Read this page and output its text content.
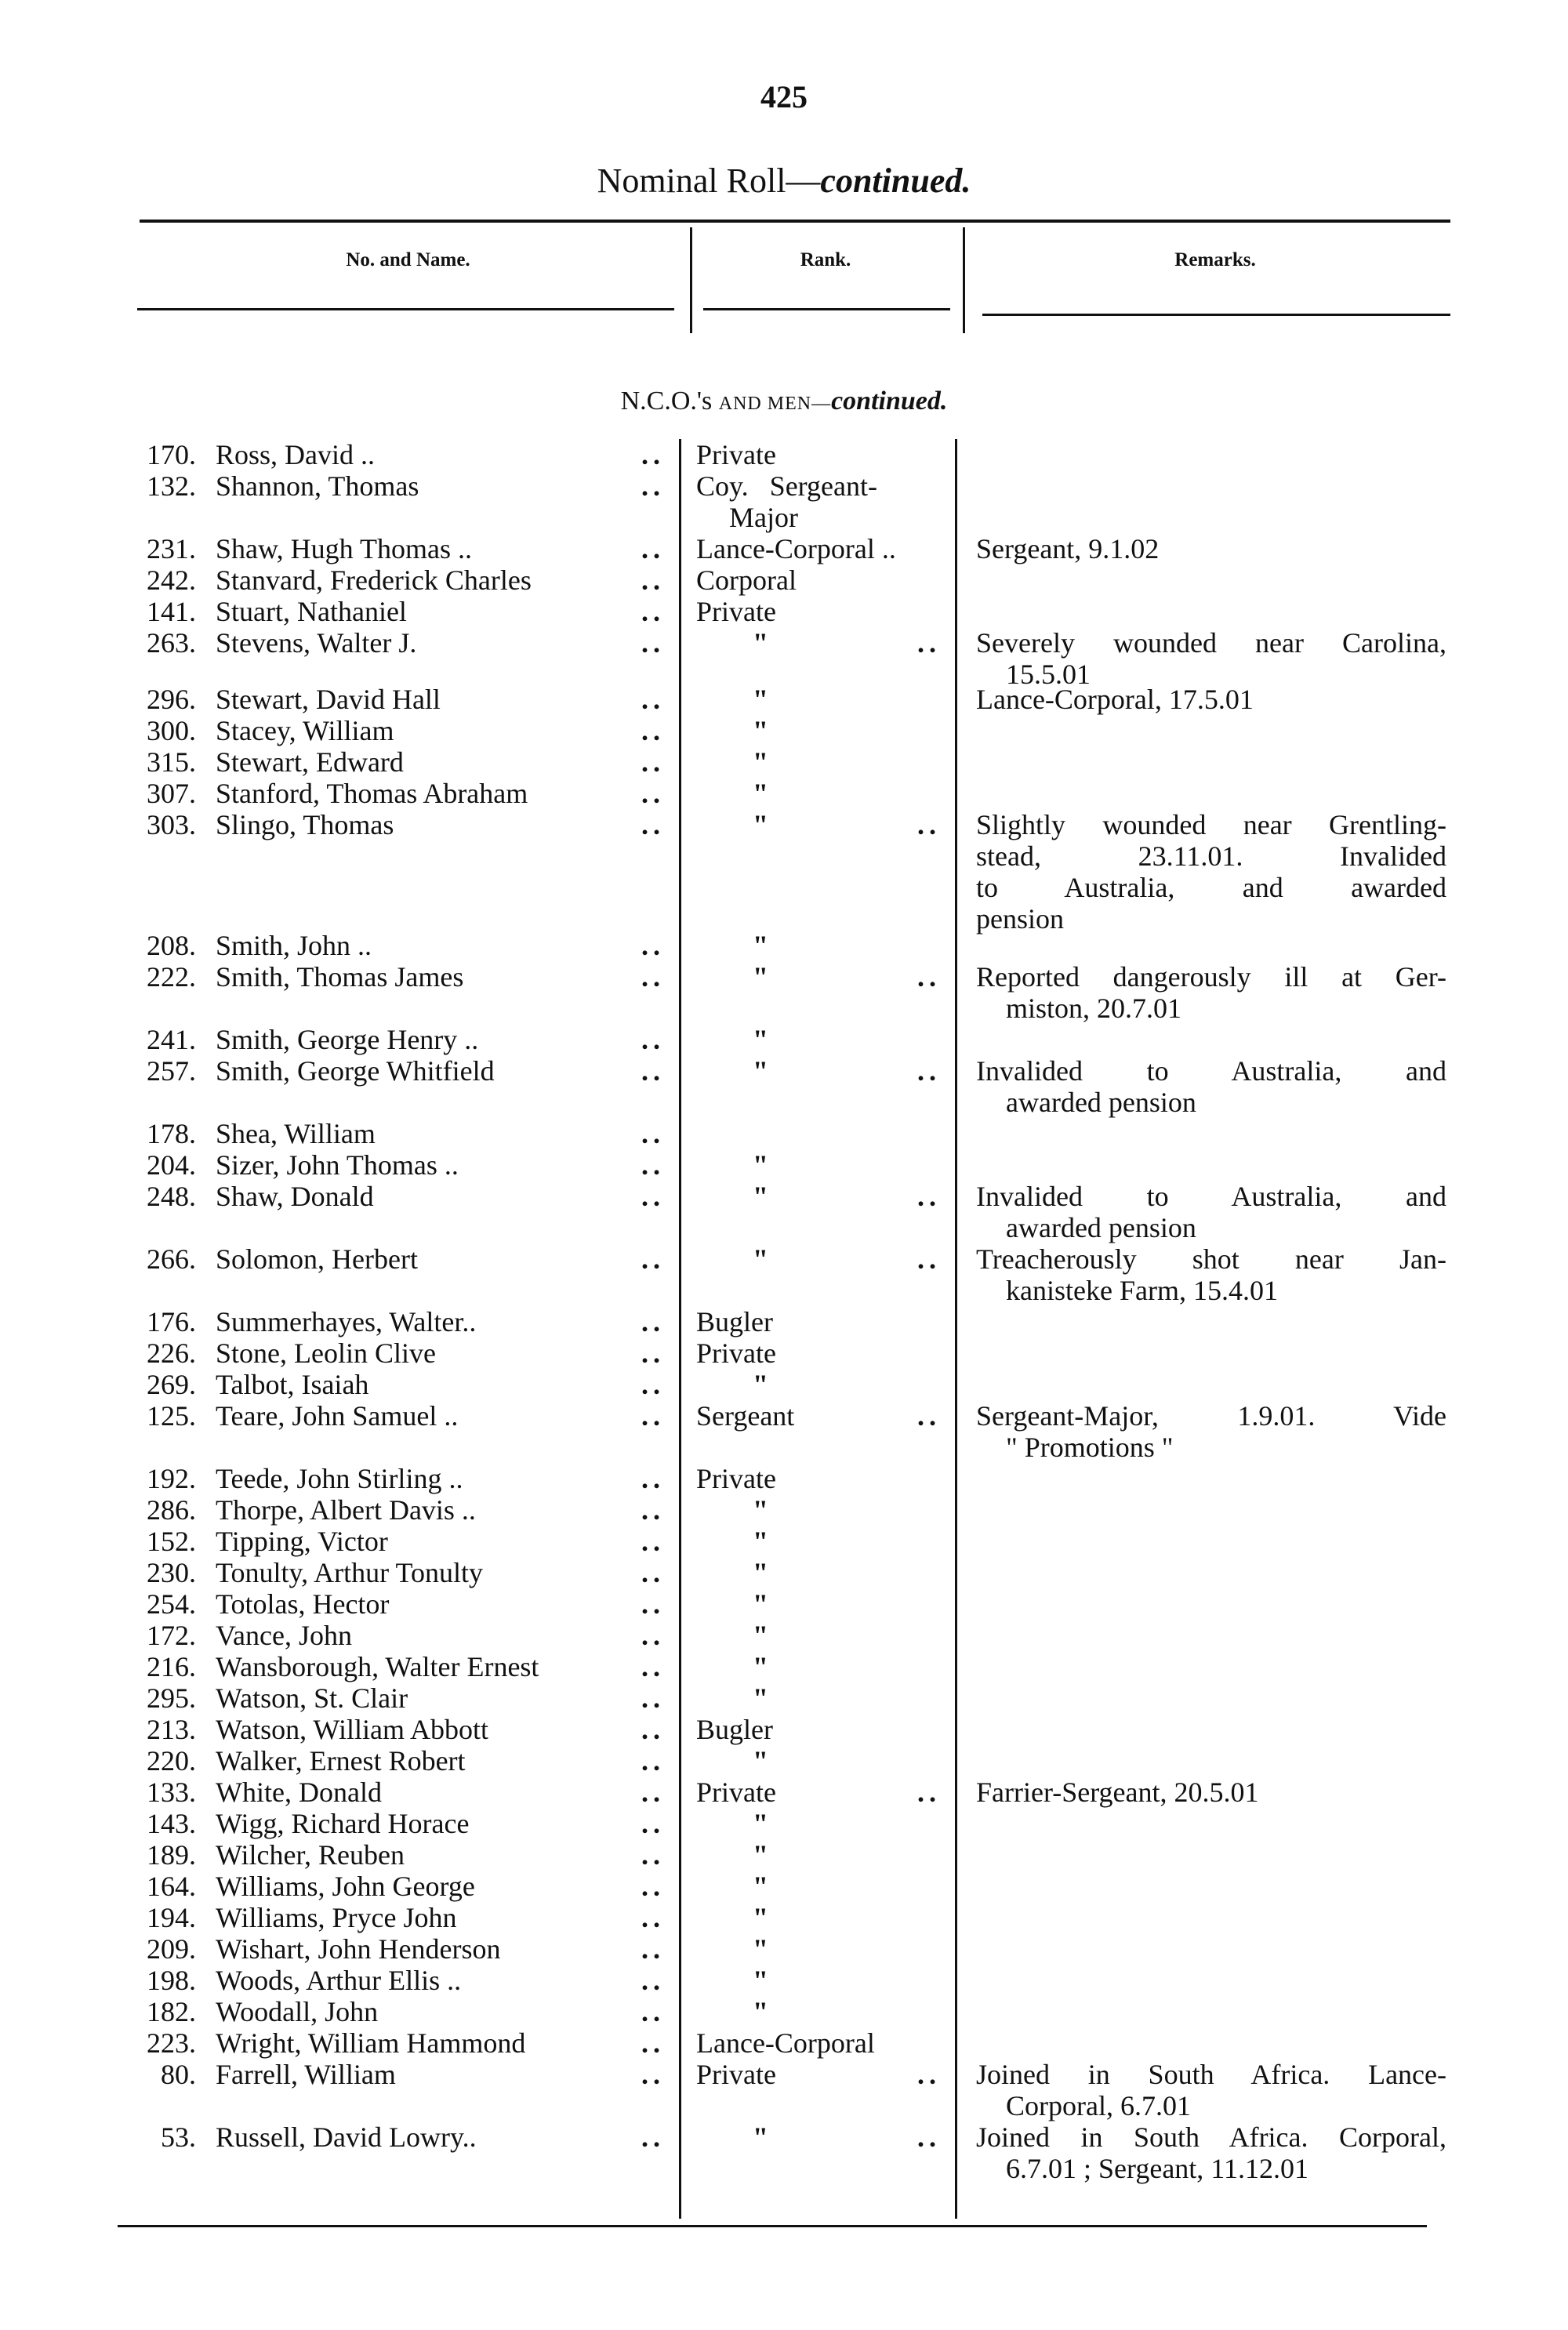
425
Nominal Roll—continued.
No. and Name.	Rank.	Remarks.
N.C.O.'s AND MEN—continued.
170. Ross, David ..	.. Private
132. Shannon, Thomas	.. Coy.   Sergeant-
Major
231. Shaw, Hugh Thomas ..	.. Lance-Corporal ..	Sergeant, 9.1.02
242. Stanvard, Frederick Charles	.. Corporal
141. Stuart, Nathaniel	.. Private
263. Stevens, Walter J.	..	"	.. Severely wounded near Carolina,
15.5.01
296. Stewart, David Hall	..	"	Lance-Corporal, 17.5.01
300. Stacey, William	..	"
315. Stewart, Edward	..	"
307. Stanford, Thomas Abraham	..	"
303. Slingo, Thomas	..	"	.. Slightly wounded near Grentling-
stead, 23.11.01. Invalided
to Australia, and awarded
pension
208. Smith, John ..	..	"
222. Smith, Thomas James	..	"	.. Reported dangerously ill at Ger-
miston, 20.7.01
241. Smith, George Henry ..	..	"
257. Smith, George Whitfield	..	"	.. Invalided to Australia, and
awarded pension
178. Shea, William	..
204. Sizer, John Thomas ..	..	"
248. Shaw, Donald	..	"	.. Invalided to Australia, and
awarded pension
266. Solomon, Herbert	..	"	.. Treacherously shot near Jan-
kanisteke Farm, 15.4.01
176. Summerhayes, Walter..	.. Bugler
226. Stone, Leolin Clive	.. Private
269. Talbot, Isaiah	..	"
125. Teare, John Samuel ..	.. Sergeant	.. Sergeant-Major, 1.9.01. Vide
" Promotions "
192. Teede, John Stirling ..	.. Private
286. Thorpe, Albert Davis ..	..	"
152. Tipping, Victor	..	"
230. Tonulty, Arthur Tonulty	..	"
254. Totolas, Hector	..	"
172. Vance, John	..	"
216. Wansborough, Walter Ernest	..	"
295. Watson, St. Clair	..	"
213. Watson, William Abbott	.. Bugler
220. Walker, Ernest Robert	..	"
133. White, Donald	.. Private	.. Farrier-Sergeant, 20.5.01
143. Wigg, Richard Horace	..	"
189. Wilcher, Reuben	..	"
164. Williams, John George	..	"
194. Williams, Pryce John	..	"
209. Wishart, John Henderson	..	"
198. Woods, Arthur Ellis ..	..	"
182. Woodall, John	..	"
223. Wright, William Hammond	.. Lance-Corporal
80. Farrell, William	.. Private	.. Joined in South Africa. Lance-
Corporal, 6.7.01
53. Russell, David Lowry..	..	"	.. Joined in South Africa. Corporal,
6.7.01 ; Sergeant, 11.12.01
